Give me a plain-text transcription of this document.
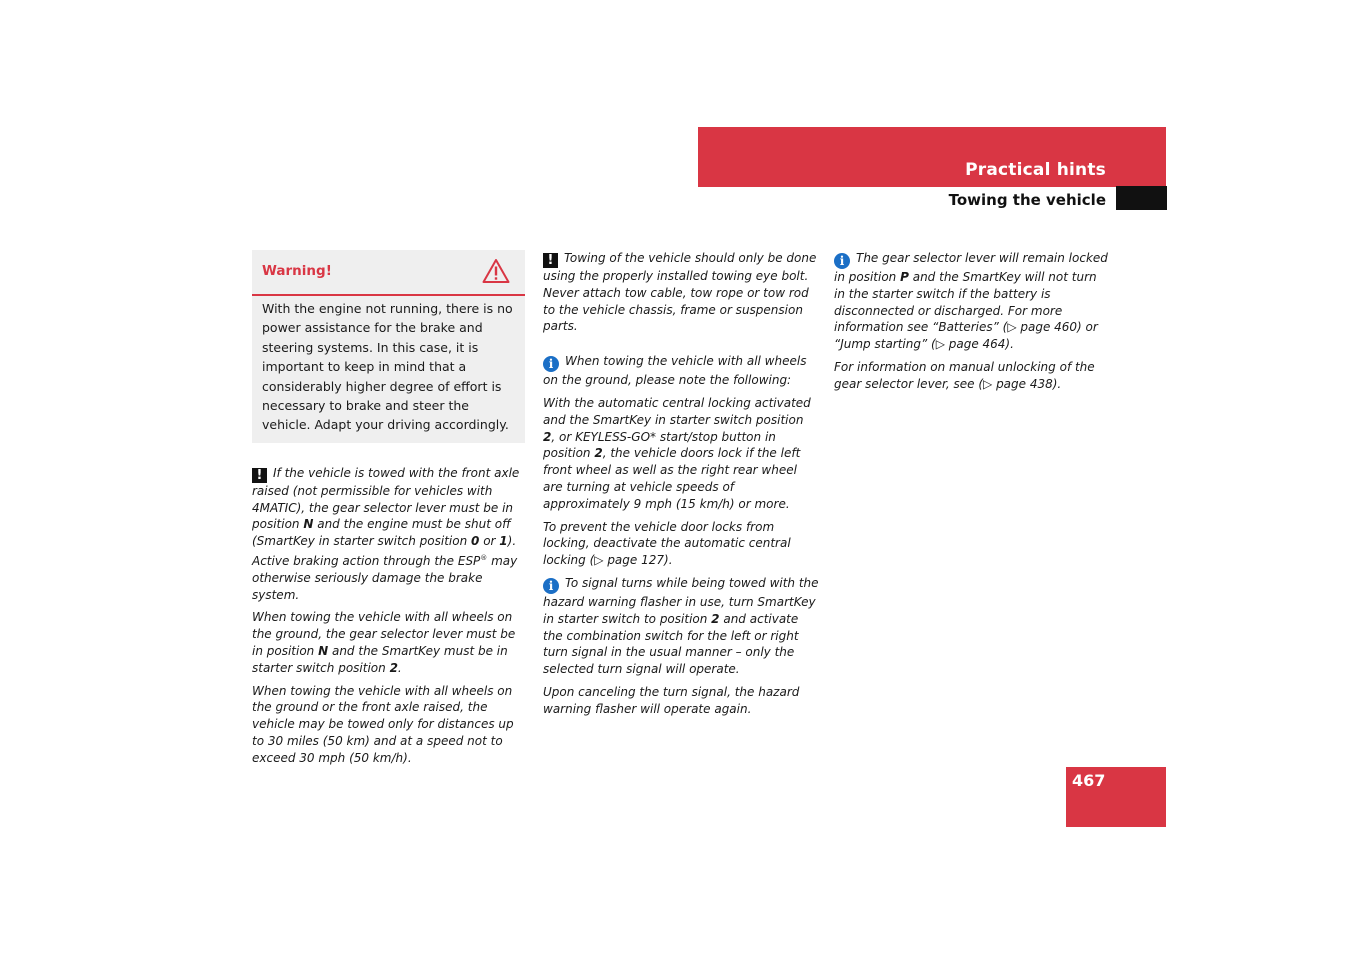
Practical hints
Towing the vehicle
Warning!
With the engine not running, there is no power assistance for the brake and steering systems. In this case, it is important to keep in mind that a considerably higher degree of effort is necessary to brake and steer the vehicle. Adapt your driving accordingly.

! If the vehicle is towed with the front axle raised (not permissible for vehicles with 4MATIC), the gear selector lever must be in position N and the engine must be shut off (SmartKey in starter switch position 0 or 1). Active braking action through the ESP® may otherwise seriously damage the brake system.

When towing the vehicle with all wheels on the ground, the gear selector lever must be in position N and the SmartKey must be in starter switch position 2.

When towing the vehicle with all wheels on the ground or the front axle raised, the vehicle may be towed only for distances up to 30 miles (50 km) and at a speed not to exceed 30 mph (50 km/h).

! Towing of the vehicle should only be done using the properly installed towing eye bolt. Never attach tow cable, tow rope or tow rod to the vehicle chassis, frame or suspension parts.

i When towing the vehicle with all wheels on the ground, please note the following:

With the automatic central locking activated and the SmartKey in starter switch position 2, or KEYLESS-GO* start/stop button in position 2, the vehicle doors lock if the left front wheel as well as the right rear wheel are turning at vehicle speeds of approximately 9 mph (15 km/h) or more.

To prevent the vehicle door locks from locking, deactivate the automatic central locking (▷ page 127).

i To signal turns while being towed with the hazard warning flasher in use, turn SmartKey in starter switch to position 2 and activate the combination switch for the left or right turn signal in the usual manner – only the selected turn signal will operate.

Upon canceling the turn signal, the hazard warning flasher will operate again.

i The gear selector lever will remain locked in position P and the SmartKey will not turn in the starter switch if the battery is disconnected or discharged. For more information see “Batteries” (▷ page 460) or “Jump starting” (▷ page 464).

For information on manual unlocking of the gear selector lever, see (▷ page 438).

467
